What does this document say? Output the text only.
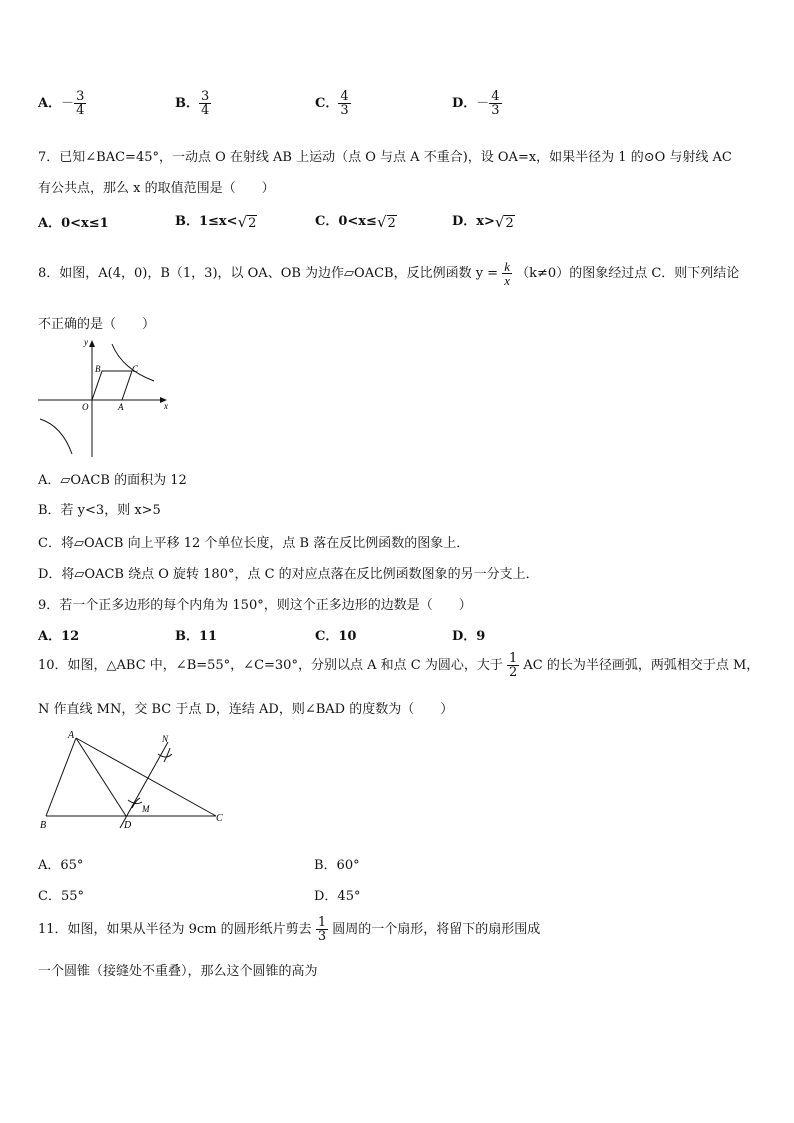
A．－ $\frac{3}{4}$	B． $\frac{3}{4}$	C． $\frac{4}{3}$	D．－ $\frac{4}{3}$
7．已知∠BAC=45°，一动点 O 在射线 AB 上运动（点 O 与点 A 不重合)，设 OA=x，如果半径为 1 的⊙O 与射线 AC
有公共点，那么 x 的取值范围是（　　）
A．0<x≤1	B．1≤x<√2	C．0<x≤√2	D．x>√2
8．如图，A(4，0)，B（1，3)，以 OA、OB 为边作▱OACB，反比例函数 $y = \frac{k}{x} (k\ne 0)$的图象经过点 C．则下列结论
不正确的是（　　）
y
x
O	A
B	C
A．▱OACB 的面积为 12
B．若 y<3，则 x>5
C．将▱OACB 向上平移 12 个单位长度，点 B 落在反比例函数的图象上．
D．将▱OACB 绕点 O 旋转 180°，点 C 的对应点落在反比例函数图象的另一分支上．
9．若一个正多边形的每个内角为 150°，则这个正多边形的边数是（　　）
A．12	B．11	C．10	D．9
10．如图，△ABC 中，∠B=55°，∠C=30°，分别以点 A 和点 C 为圆心，大于 $\frac{1}{2}$ AC 的长为半径画弧，两弧相交于点 M，
N 作直线 MN，交 BC 于点 D，连结 AD，则∠BAD 的度数为（　　）
A
B
C
D
M
N
A．65°	B．60°
C．55°	D．45°
11．如图，如果从半径为 9cm 的圆形纸片剪去 $\frac{1}{3}$ 圆周的一个扇形，将留下的扇形围成
一个圆锥（接缝处不重叠），那么这个圆锥的高为
